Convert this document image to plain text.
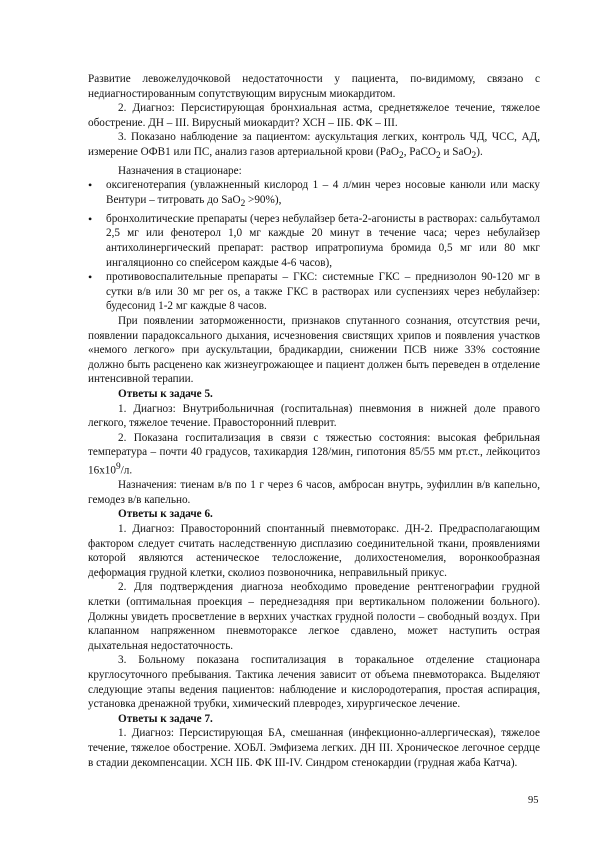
Развитие левожелудочковой недостаточности у пациента, по-видимому, связано с недиагностированным сопутствующим вирусным миокардитом.

2. Диагноз: Персистирующая бронхиальная астма, среднетяжелое течение, тяжелое обострение. ДН – III. Вирусный миокардит? ХСН – IIБ. ФК – III.

3. Показано наблюдение за пациентом: аускультация легких, контроль ЧД, ЧСС, АД, измерение ОФВ1 или ПС, анализ газов артериальной крови (PaO$_2$, PaCO$_2$ и SaO$_2$).

Назначения в стационаре:

• оксигенотерапия (увлажненный кислород 1 – 4 л/мин через носовые канюли или маску Вентури – титровать до SaO$_2$ >90%),
• бронхолитические препараты (через небулайзер бета-2-агонисты в растворах: сальбутамол 2,5 мг или фенотерол 1,0 мг каждые 20 минут в течение часа; через небулайзер антихолинергический препарат: раствор ипратропиума бромида 0,5 мг или 80 мкг ингаляционно со спейсером каждые 4-6 часов),
• противовоспалительные препараты – ГКС: системные ГКС – преднизолон 90-120 мг в сутки в/в или 30 мг per os, а также ГКС в растворах или суспензиях через небулайзер: будесонид 1-2 мг каждые 8 часов.

При появлении заторможенности, признаков спутанного сознания, отсутствия речи, появлении парадоксального дыхания, исчезновения свистящих хрипов и появления участков «немого легкого» при аускультации, брадикардии, снижении ПСВ ниже 33% состояние должно быть расценено как жизнеугрожающее и пациент должен быть переведен в отделение интенсивной терапии.

Ответы к задаче 5.

1. Диагноз: Внутрибольничная (госпитальная) пневмония в нижней доле правого легкого, тяжелое течение. Правосторонний плеврит.

2. Показана госпитализация в связи с тяжестью состояния: высокая фебрильная температура – почти 40 градусов, тахикардия 128/мин, гипотония 85/55 мм рт.ст., лейкоцитоз $16х10^9/л$.

Назначения: тиенам в/в по 1 г через 6 часов, амбросан внутрь, эуфиллин в/в капельно, гемодез в/в капельно.

Ответы к задаче 6.

1. Диагноз: Правосторонний спонтанный пневмоторакс. ДН-2. Предрасполагающим фактором следует считать наследственную дисплазию соединительной ткани, проявлениями которой являются астеническое телосложение, долихостеномелия, воронкообразная деформация грудной клетки, сколиоз позвоночника, неправильный прикус.

2. Для подтверждения диагноза необходимо проведение рентгенографии грудной клетки (оптимальная проекция – переднезадняя при вертикальном положении больного). Должны увидеть просветление в верхних участках грудной полости – свободный воздух. При клапанном напряженном пневмотораксе легкое сдавлено, может наступить острая дыхательная недостаточность.

3. Больному показана госпитализация в торакальное отделение стационара круглосуточного пребывания. Тактика лечения зависит от объема пневмоторакса. Выделяют следующие этапы ведения пациентов: наблюдение и кислородотерапия, простая аспирация, установка дренажной трубки, химический плевродез, хирургическое лечение.

Ответы к задаче 7.

1. Диагноз: Персистирующая БА, смешанная (инфекционно-аллергическая), тяжелое течение, тяжелое обострение. ХОБЛ. Эмфизема легких. ДН III. Хроническое легочное сердце в стадии декомпенсации. ХСН IIБ. ФК III-IV. Синдром стенокардии (грудная жаба Катча).

95
